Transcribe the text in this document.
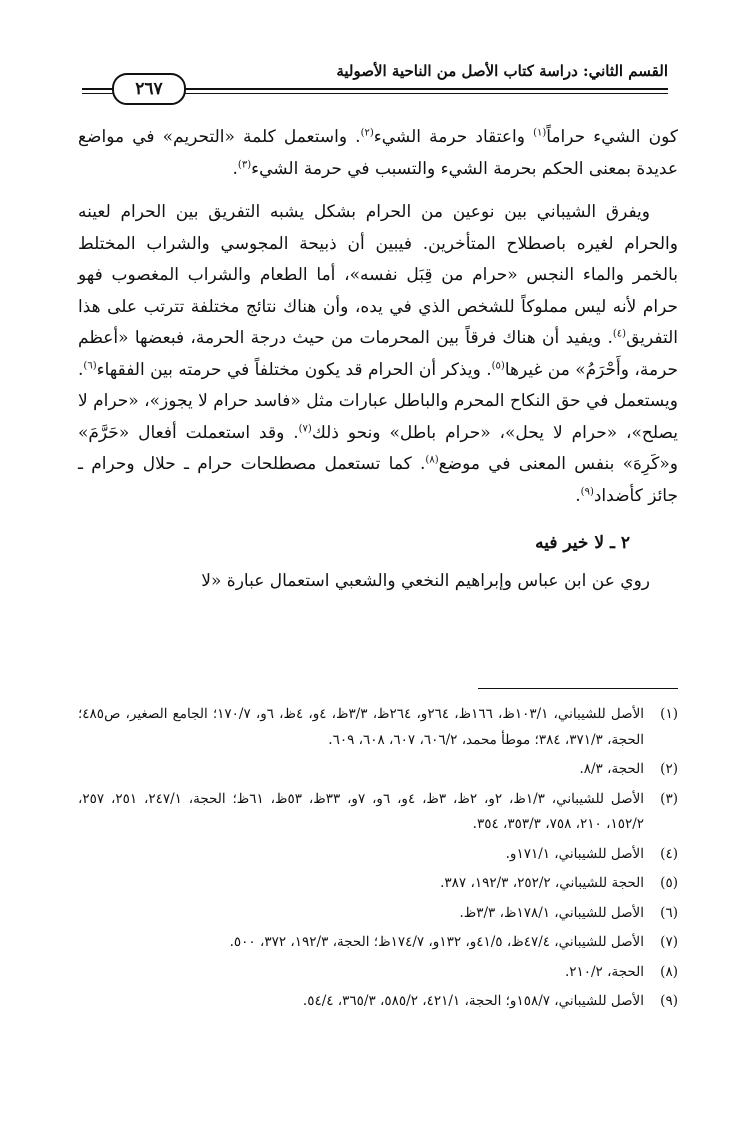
القسم الثاني: دراسة كتاب الأصل من الناحية الأصولية
٢٦٧

كون الشيء حراماً$^{(١)}$ واعتقاد حرمة الشيء$^{(٢)}$. واستعمل كلمة «التحريم» في مواضع عديدة بمعنى الحكم بحرمة الشيء والتسبب في حرمة الشيء$^{(٣)}$.

ويفرق الشيباني بين نوعين من الحرام بشكل يشبه التفريق بين الحرام لعينه والحرام لغيره باصطلاح المتأخرين. فيبين أن ذبيحة المجوسي والشراب المختلط بالخمر والماء النجس «حرام من قِبَل نفسه»، أما الطعام والشراب المغصوب فهو حرام لأنه ليس مملوكاً للشخص الذي في يده، وأن هناك نتائج مختلفة تترتب على هذا التفريق$^{(٤)}$. ويفيد أن هناك فرقاً بين المحرمات من حيث درجة الحرمة، فبعضها «أعظم حرمة، وأَحْرَمُ» من غيرها$^{(٥)}$. ويذكر أن الحرام قد يكون مختلفاً في حرمته بين الفقهاء$^{(٦)}$. ويستعمل في حق النكاح المحرم والباطل عبارات مثل «فاسد حرام لا يجوز»، «حرام لا يصلح»، «حرام لا يحل»، «حرام باطل» ونحو ذلك$^{(٧)}$. وقد استعملت أفعال «حَرَّمَ» و«كَرِهَ» بنفس المعنى في موضع$^{(٨)}$. كما تستعمل مصطلحات حرام ـ حلال وحرام ـ جائز كأضداد$^{(٩)}$.

٢ ـ لا خير فيه

روي عن ابن عباس وإبراهيم النخعي والشعبي استعمال عبارة «لا

(١)
الأصل للشيباني، ١٠٣/١ظ، ١٦٦ظ، ٢٦٤و، ٢٦٤ظ، ٣/٣ظ، ٤و، ٤ظ، ٦و، ١٧٠/٧؛ الجامع الصغير، ص٤٨٥؛ الحجة، ٣٧١/٣، ٣٨٤؛ موطأ محمد، ٦٠٦/٢، ٦٠٧، ٦٠٨، ٦٠٩.
(٢)
الحجة، ٨/٣.
(٣)
الأصل للشيباني، ١/٣ظ، ٢و، ٢ظ، ٣ظ، ٤و، ٦و، ٧و، ٣٣ظ، ٥٣ظ، ٦١ظ؛ الحجة، ٢٤٧/١، ٢٥١، ٢٥٧، ١٥٢/٢، ٢١٠، ٧٥٨، ٣٥٣/٣، ٣٥٤.
(٤)
الأصل للشيباني، ١٧١/١و.
(٥)
الحجة للشيباني، ٢٥٢/٢، ١٩٢/٣، ٣٨٧.
(٦)
الأصل للشيباني، ١٧٨/١ظ، ٣/٣ظ.
(٧)
الأصل للشيباني، ٤٧/٤ظ، ٤١/٥و، ١٣٢و، ١٧٤/٧ظ؛ الحجة، ١٩٢/٣، ٣٧٢، ٥٠٠.
(٨)
الحجة، ٢١٠/٢.
(٩)
الأصل للشيباني، ١٥٨/٧و؛ الحجة، ٤٢١/١، ٥٨٥/٢، ٣٦٥/٣، ٥٤/٤.
